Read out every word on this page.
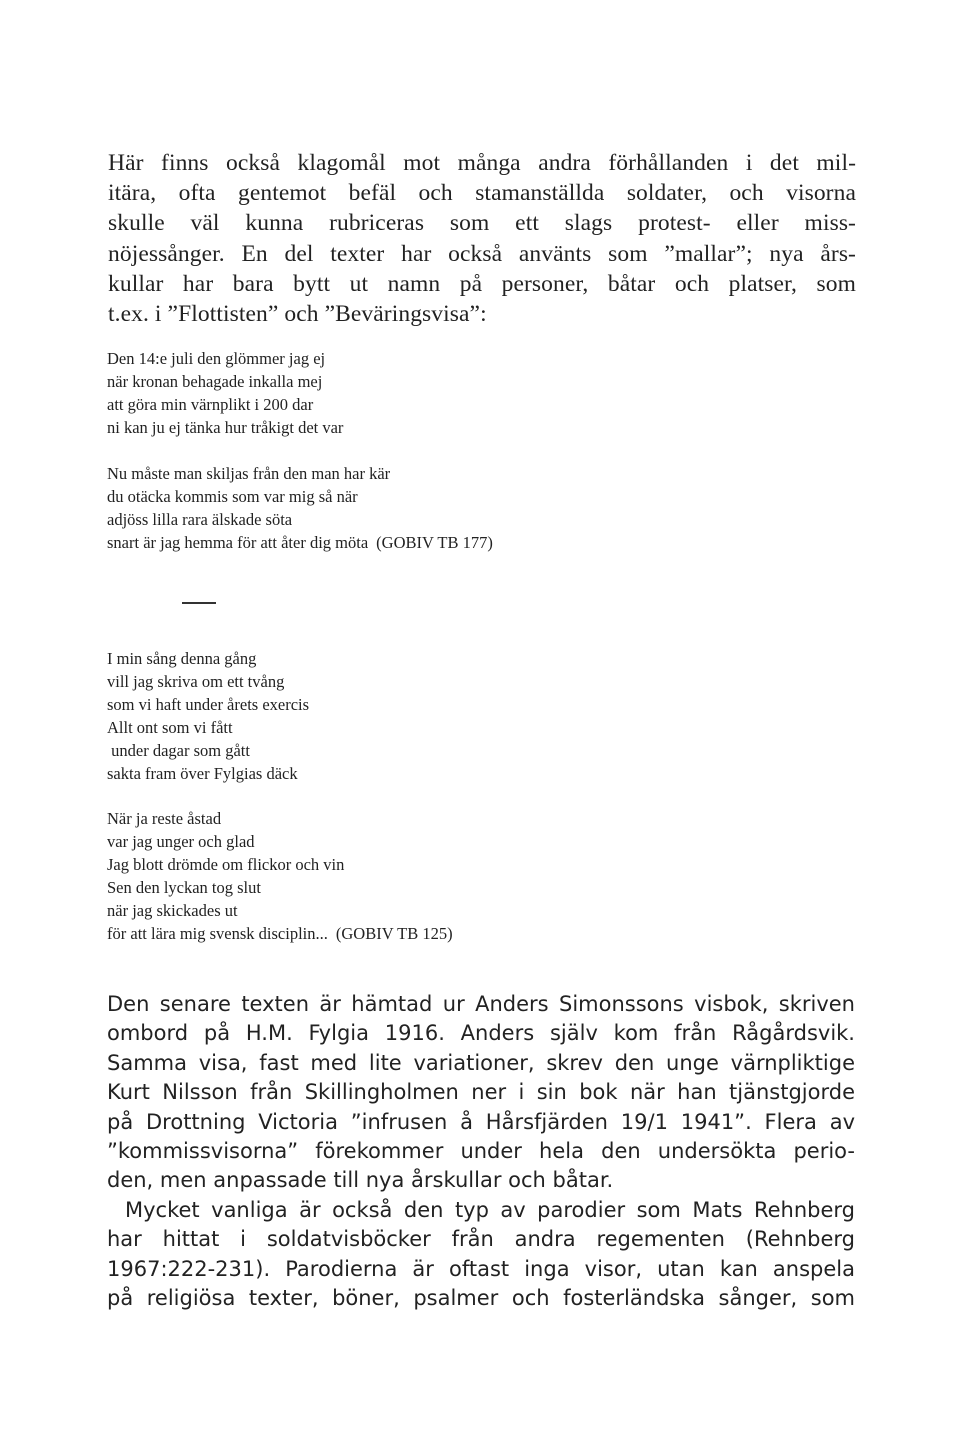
Här finns också klagomål mot många andra förhållanden i det mil-
itära, ofta gentemot befäl och stamanställda soldater, och visorna
skulle väl kunna rubriceras som ett slags protest- eller miss-
nöjessånger. En del texter har också använts som ”mallar”; nya års-
kullar har bara bytt ut namn på personer, båtar och platser, som
t.ex. i ”Flottisten” och ”Beväringsvisa”:
Den 14:e juli den glömmer jag ej
när kronan behagade inkalla mej
att göra min värnplikt i 200 dar
ni kan ju ej tänka hur tråkigt det var
Nu måste man skiljas från den man har kär
du otäcka kommis som var mig så när
adjöss lilla rara älskade söta
snart är jag hemma för att åter dig möta (GOBIV TB 177)
I min sång denna gång
vill jag skriva om ett tvång
som vi haft under årets exercis
Allt ont som vi fått
under dagar som gått
sakta fram över Fylgias däck
När ja reste åstad
var jag unger och glad
Jag blott drömde om flickor och vin
Sen den lyckan tog slut
när jag skickades ut
för att lära mig svensk disciplin... (GOBIV TB 125)
Den senare texten är hämtad ur Anders Simonssons visbok, skriven
ombord på H.M. Fylgia 1916. Anders själv kom från Rågårdsvik.
Samma visa, fast med lite variationer, skrev den unge värnpliktige
Kurt Nilsson från Skillingholmen ner i sin bok när han tjänstgjorde
på Drottning Victoria ”infrusen å Hårsfjärden 19/1 1941”. Flera av
”kommissvisorna” förekommer under hela den undersökta perio-
den, men anpassade till nya årskullar och båtar.
Mycket vanliga är också den typ av parodier som Mats Rehnberg
har hittat i soldatvisböcker från andra regementen (Rehnberg
1967:222-231). Parodierna är oftast inga visor, utan kan anspela
på religiösa texter, böner, psalmer och fosterländska sånger, som
